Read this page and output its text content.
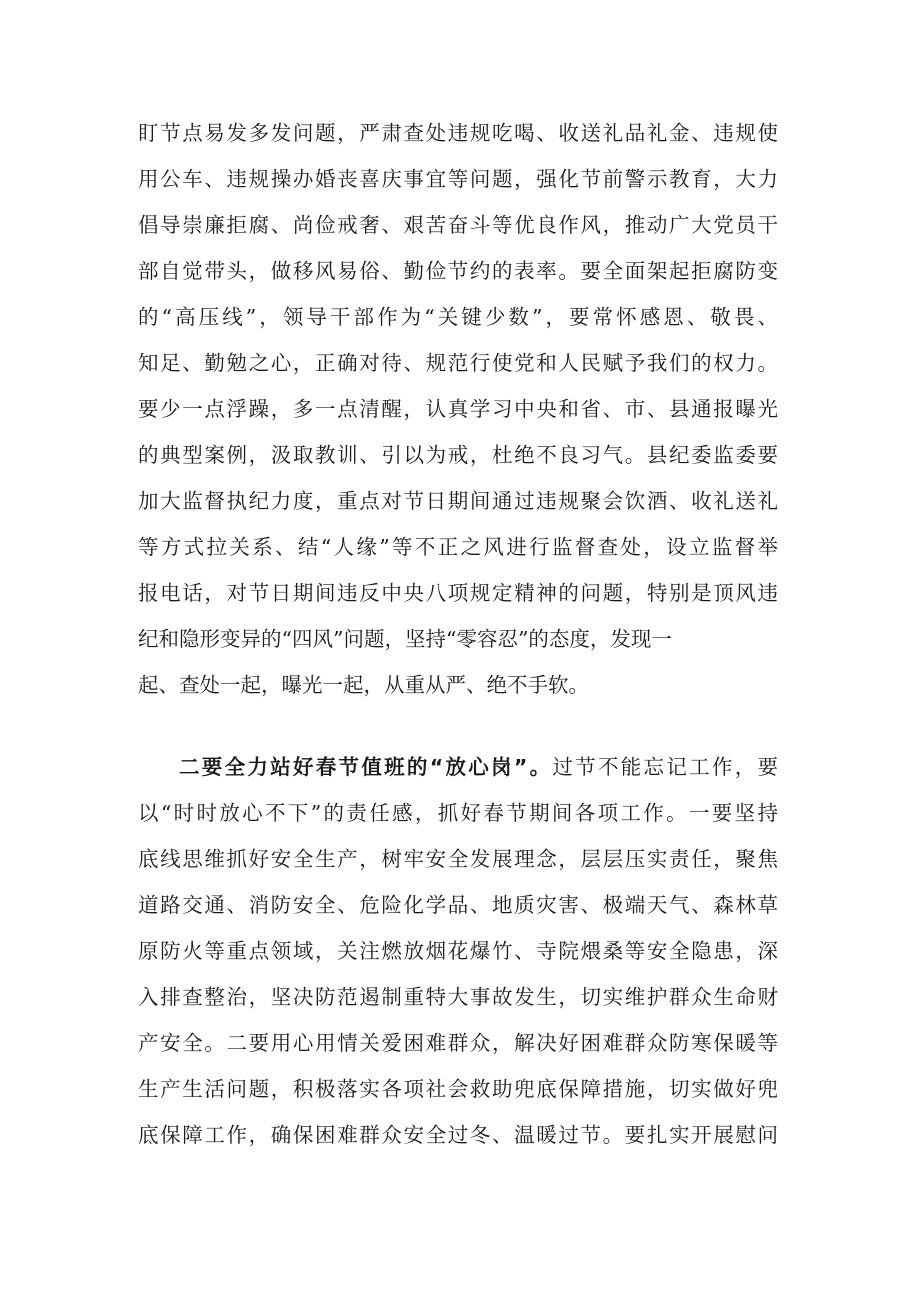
盯节点易发多发问题，严肃查处违规吃喝、收送礼品礼金、违规使
用公车、违规操办婚丧喜庆事宜等问题，强化节前警示教育，大力
倡导崇廉拒腐、尚俭戒奢、艰苦奋斗等优良作风，推动广大党员干
部自觉带头，做移风易俗、勤俭节约的表率。要全面架起拒腐防变
的“高压线”，领导干部作为“关键少数”，要常怀感恩、敬畏、
知足、勤勉之心，正确对待、规范行使党和人民赋予我们的权力。
要少一点浮躁，多一点清醒，认真学习中央和省、市、县通报曝光
的典型案例，汲取教训、引以为戒，杜绝不良习气。县纪委监委要
加大监督执纪力度，重点对节日期间通过违规聚会饮酒、收礼送礼
等方式拉关系、结“人缘”等不正之风进行监督查处，设立监督举
报电话，对节日期间违反中央八项规定精神的问题，特别是顶风违
纪和隐形变异的“四风”问题，坚持“零容忍”的态度，发现一
起、查处一起，曝光一起，从重从严、绝不手软。
二要全力站好春节值班的“放心岗”。过节不能忘记工作，要
以“时时放心不下”的责任感，抓好春节期间各项工作。一要坚持
底线思维抓好安全生产，树牢安全发展理念，层层压实责任，聚焦
道路交通、消防安全、危险化学品、地质灾害、极端天气、森林草
原防火等重点领域，关注燃放烟花爆竹、寺院煨桑等安全隐患，深
入排查整治，坚决防范遏制重特大事故发生，切实维护群众生命财
产安全。二要用心用情关爱困难群众，解决好困难群众防寒保暖等
生产生活问题，积极落实各项社会救助兜底保障措施，切实做好兜
底保障工作，确保困难群众安全过冬、温暖过节。要扎实开展慰问
